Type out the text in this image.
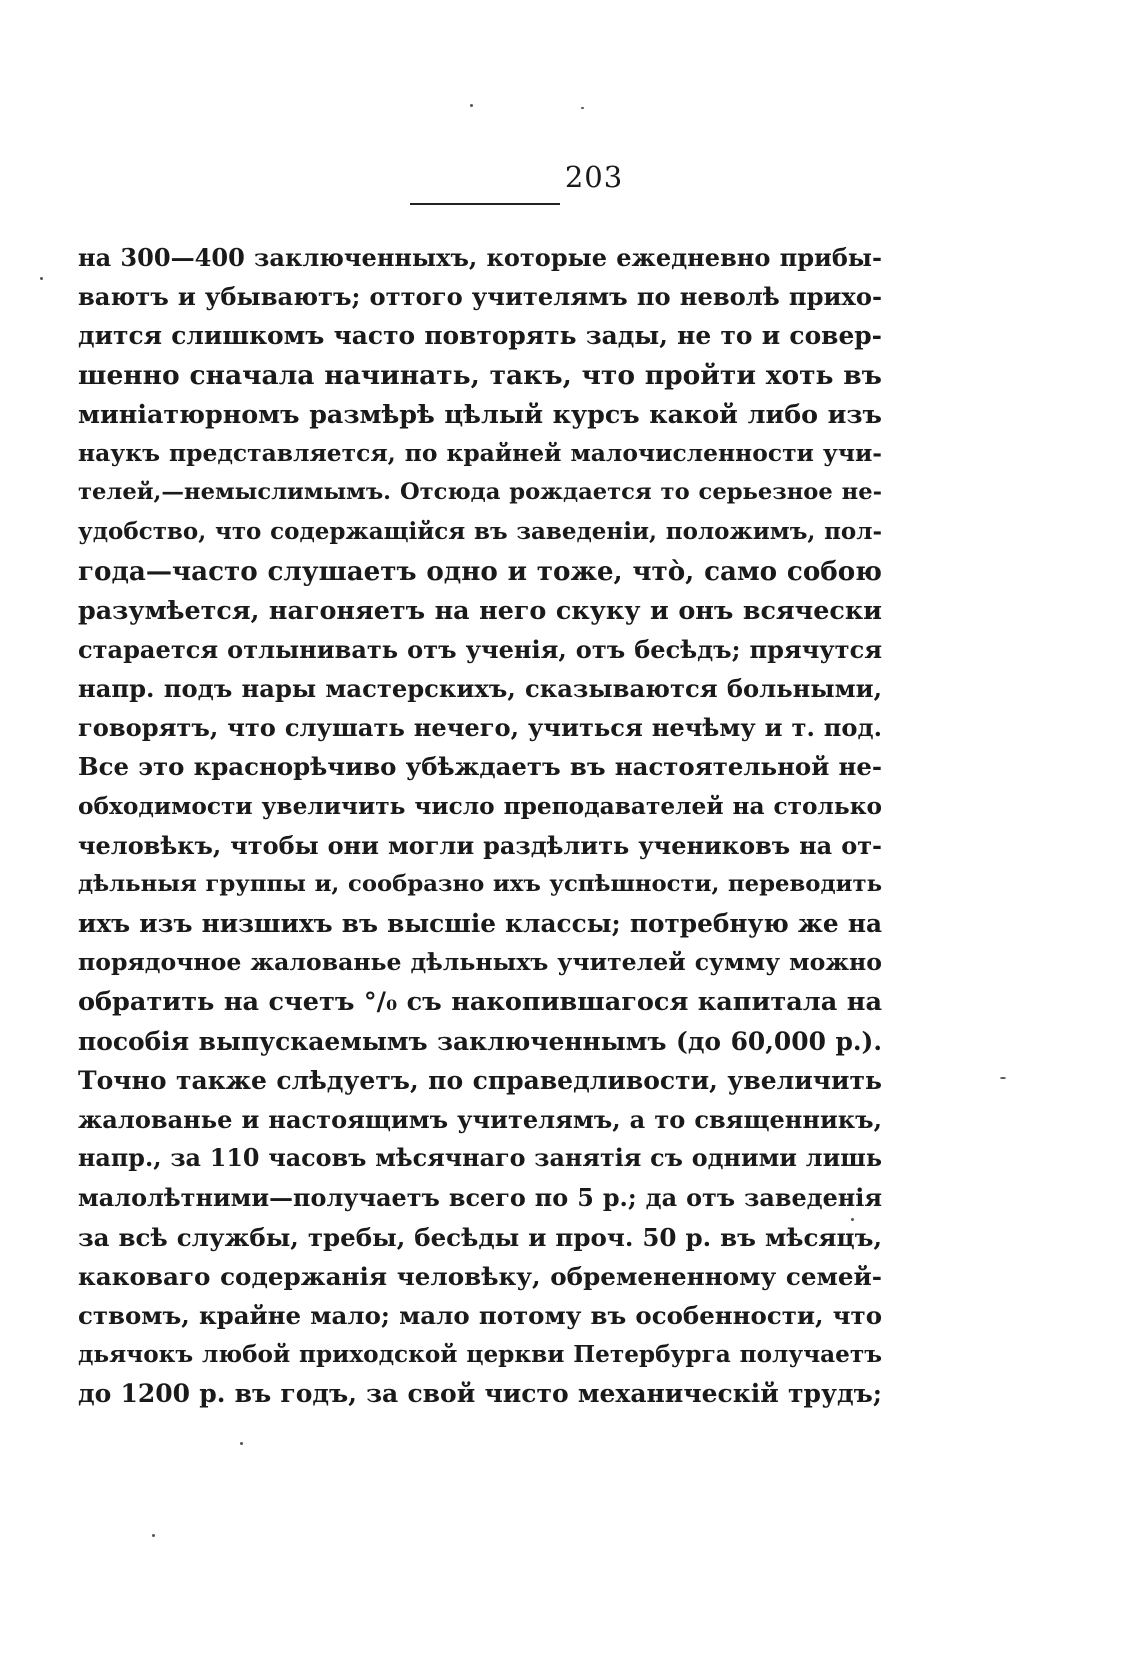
203
на 300—400 заключенныхъ, которые ежедневно прибы-
ваютъ и убываютъ; оттого учителямъ по неволѣ прихо-
дится слишкомъ часто повторять зады, не то и совер-
шенно сначала начинать, такъ, что пройти хоть въ
миніатюрномъ размѣрѣ цѣлый курсъ какой либо изъ
наукъ представляется, по крайней малочисленности учи-
телей,—немыслимымъ. Отсюда рождается то серьезное не-
удобство, что содержащійся въ заведеніи, положимъ, пол-
года—часто слушаетъ одно и тоже, что̀, само собою
разумѣется, нагоняетъ на него скуку и онъ всячески
старается отлынивать отъ ученія, отъ бесѣдъ; прячутся
напр. подъ нары мастерскихъ, сказываются больными,
говорятъ, что слушать нечего, учиться нечѣму и т. под.
Все это краснорѣчиво убѣждаетъ въ настоятельной не-
обходимости увеличить число преподавателей на столько
человѣкъ, чтобы они могли раздѣлить учениковъ на от-
дѣльныя группы и, сообразно ихъ успѣшности, переводить
ихъ изъ низшихъ въ высшіе классы; потребную же на
порядочное жалованье дѣльныхъ учителей сумму можно
обратить на счетъ °/₀ съ накопившагося капитала на
пособія выпускаемымъ заключеннымъ (до 60,000 р.).
Точно также слѣдуетъ, по справедливости, увеличить
жалованье и настоящимъ учителямъ, а то священникъ,
напр., за 110 часовъ мѣсячнаго занятія съ одними лишь
малолѣтними—получаетъ всего по 5 р.; да отъ заведенія
за всѣ службы, требы, бесѣды и проч. 50 р. въ мѣсяцъ,
каковаго содержанія человѣку, обремененному семей-
ствомъ, крайне мало; мало потому въ особенности, что
дьячокъ любой приходской церкви Петербурга получаетъ
до 1200 р. въ годъ, за свой чисто механическій трудъ;
